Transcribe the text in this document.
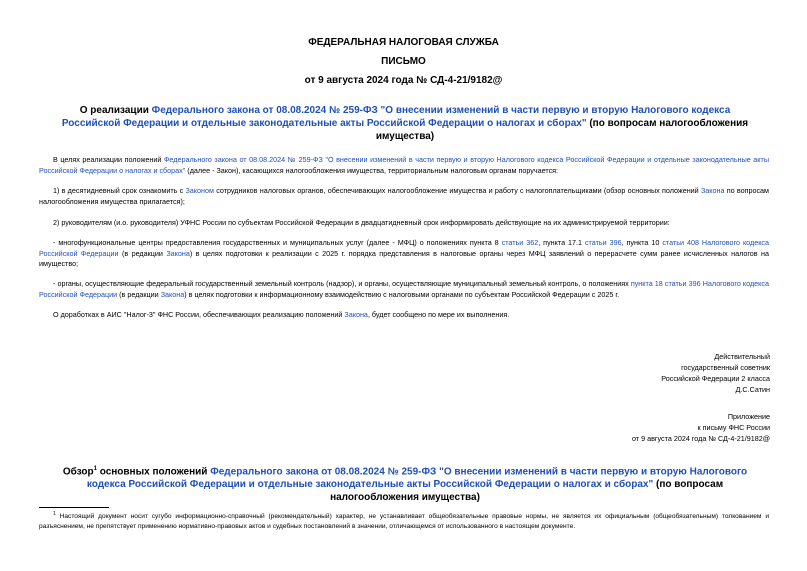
ФЕДЕРАЛЬНАЯ НАЛОГОВАЯ СЛУЖБА
ПИСЬМО
от 9 августа 2024 года № СД-4-21/9182@
О реализации Федерального закона от 08.08.2024 № 259-ФЗ "О внесении изменений в части первую и вторую Налогового кодекса Российской Федерации и отдельные законодательные акты Российской Федерации о налогах и сборах" (по вопросам налогообложения имущества)
В целях реализации положений Федерального закона от 08.08.2024 № 259-ФЗ "О внесении изменений в части первую и вторую Налогового кодекса Российской Федерации и отдельные законодательные акты Российской Федерации о налогах и сборах" (далее - Закон), касающихся налогообложения имущества, территориальным налоговым органам поручается:
1) в десятидневный срок ознакомить с Законом сотрудников налоговых органов, обеспечивающих налогообложение имущества и работу с налогоплательщиками (обзор основных положений Закона по вопросам налогообложения имущества прилагается);
2) руководителям (и.о. руководителя) УФНС России по субъектам Российской Федерации в двадцатидневный срок информировать действующие на их администрируемой территории:
- многофункциональные центры предоставления государственных и муниципальных услуг (далее - МФЦ) о положениях пункта 8 статьи 362, пункта 17.1 статьи 396, пункта 10 статьи 408 Налогового кодекса Российской Федерации (в редакции Закона) в целях подготовки к реализации с 2025 г. порядка представления в налоговые органы через МФЦ заявлений о перерасчете сумм ранее исчисленных налогов на имущество;
- органы, осуществляющие федеральный государственный земельный контроль (надзор), и органы, осуществляющие муниципальный земельный контроль, о положениях пункта 18 статьи 396 Налогового кодекса Российской Федерации (в редакции Закона) в целях подготовки к информационному взаимодействию с налоговыми органами по субъектам Российской Федерации с 2025 г.
О доработках в АИС "Налог-3" ФНС России, обеспечивающих реализацию положений Закона, будет сообщено по мере их выполнения.
Действительный
государственный советник
Российской Федерации 2 класса
Д.С.Сатин
Приложение
к письму ФНС России
от 9 августа 2024 года № СД-4-21/9182@
Обзор$^1$ основных положений Федерального закона от 08.08.2024 № 259-ФЗ "О внесении изменений в части первую и вторую Налогового кодекса Российской Федерации и отдельные законодательные акты Российской Федерации о налогах и сборах" (по вопросам налогообложения имущества)
$^1$ Настоящий документ носит сугубо информационно-справочный (рекомендательный) характер, не устанавливает общеобязательные правовые нормы, не является их официальным (общеобязательным) толкованием и разъяснением, не препятствует применению нормативно-правовых актов и судебных постановлений в значении, отличающемся от использованного в настоящем документе.
